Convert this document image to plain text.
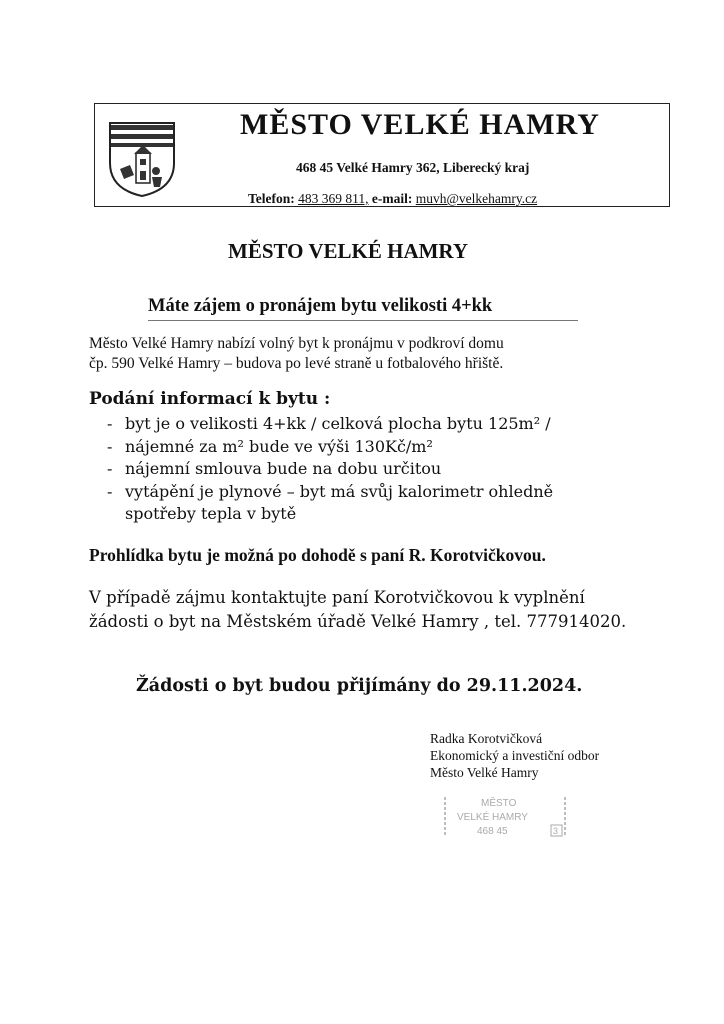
MĚSTO VELKÉ HAMRY
468 45 Velké Hamry 362, Liberecký kraj
Telefon: 483 369 811, e-mail: muvh@velkehamry.cz
MĚSTO VELKÉ HAMRY
Máte zájem o pronájem bytu velikosti 4+kk
Město Velké Hamry nabízí volný byt k pronájmu v podkroví domu
čp. 590 Velké Hamry – budova po levé straně u fotbalového hřiště.
Podání informací k bytu :
- byt je o velikosti 4+kk / celková plocha bytu 125m² /
- nájemné za m² bude ve výši 130Kč/m²
- nájemní smlouva bude na dobu určitou
- vytápění je plynové – byt má svůj kalorimetr ohledně
spotřeby tepla v bytě
Prohlídka bytu je možná po dohodě s paní R. Korotvičkovou.
V případě zájmu kontaktujte paní Korotvičkovou k vyplnění
žádosti o byt na Městském úřadě Velké Hamry , tel. 777914020.
Žádosti o byt budou přijímány do 29.11.2024.
Radka Korotvičková
Ekonomický a investiční odbor
Město Velké Hamry
MĚSTO
VELKÉ HAMRY
468 45	3
